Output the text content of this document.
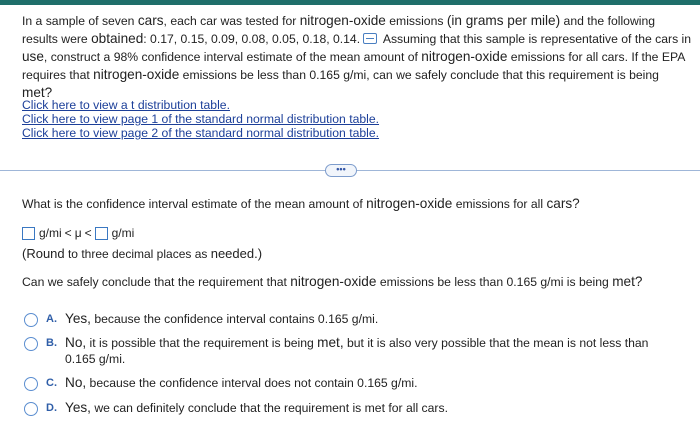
In a sample of seven cars, each car was tested for nitrogen-oxide emissions (in grams per mile) and the following results were obtained: 0.17, 0.15, 0.09, 0.08, 0.05, 0.18, 0.14. Assuming that this sample is representative of the cars in use, construct a 98% confidence interval estimate of the mean amount of nitrogen-oxide emissions for all cars. If the EPA requires that nitrogen-oxide emissions be less than 0.165 g/mi, can we safely conclude that this requirement is being met?
Click here to view a t distribution table.
Click here to view page 1 of the standard normal distribution table.
Click here to view page 2 of the standard normal distribution table.
•••
What is the confidence interval estimate of the mean amount of nitrogen-oxide emissions for all cars?
g/mi < μ < g/mi
(Round to three decimal places as needed.)
Can we safely conclude that the requirement that nitrogen-oxide emissions be less than 0.165 g/mi is being met?
A. Yes, because the confidence interval contains 0.165 g/mi.
B. No, it is possible that the requirement is being met, but it is also very possible that the mean is not less than 0.165 g/mi.
C. No, because the confidence interval does not contain 0.165 g/mi.
D. Yes, we can definitely conclude that the requirement is met for all cars.
